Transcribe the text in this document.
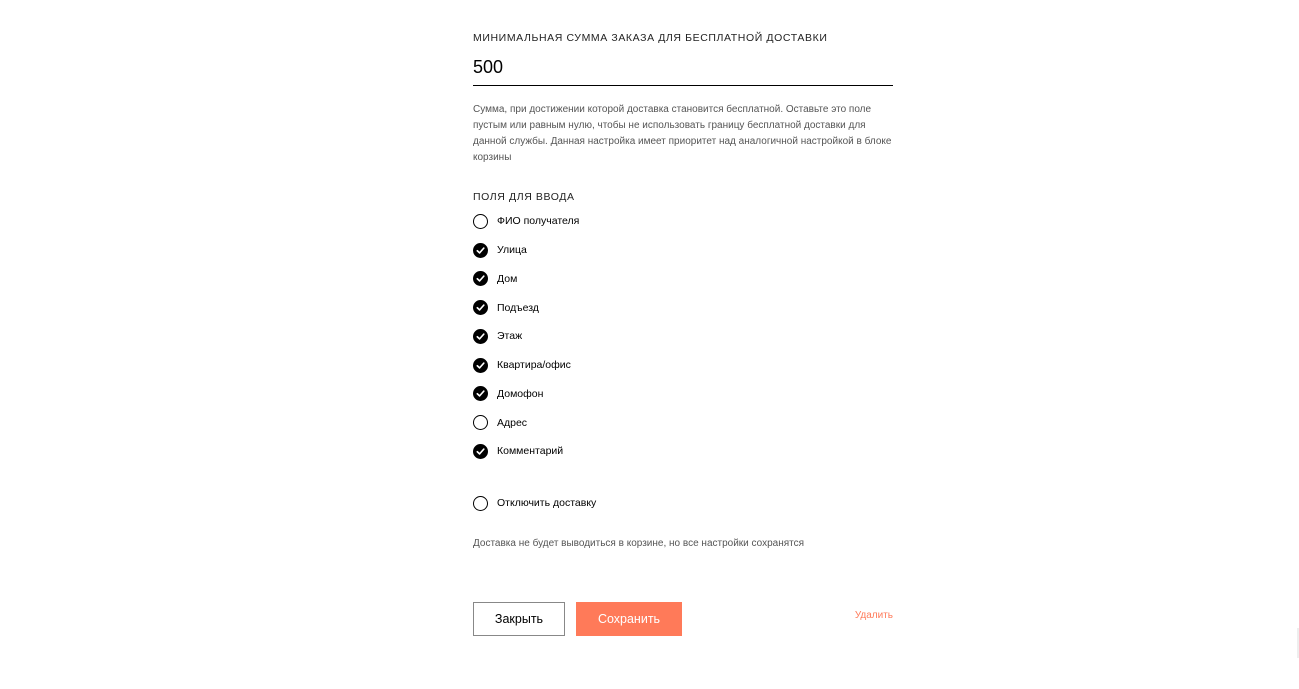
МИНИМАЛЬНАЯ СУММА ЗАКАЗА ДЛЯ БЕСПЛАТНОЙ ДОСТАВКИ
500
Сумма, при достижении которой доставка становится бесплатной. Оставьте это поле пустым или равным нулю, чтобы не использовать границу бесплатной доставки для данной службы. Данная настройка имеет приоритет над аналогичной настройкой в блоке корзины
ПОЛЯ ДЛЯ ВВОДА
ФИО получателя
Улица
Дом
Подъезд
Этаж
Квартира/офис
Домофон
Адрес
Комментарий
Отключить доставку
Доставка не будет выводиться в корзине, но все настройки сохранятся
Закрыть	Сохранить	Удалить
